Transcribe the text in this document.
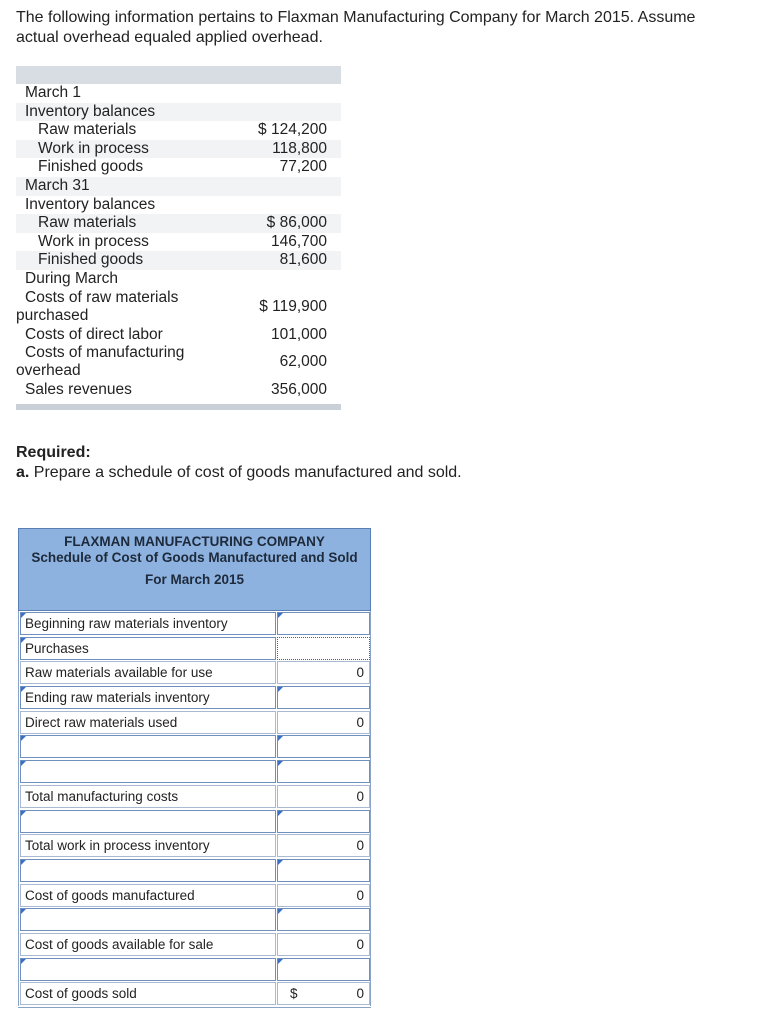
The following information pertains to Flaxman Manufacturing Company for March 2015. Assume actual overhead equaled applied overhead.
March 1
Inventory balances
Raw materials	$ 124,200
Work in process	118,800
Finished goods	77,200
March 31
Inventory balances
Raw materials	$ 86,000
Work in process	146,700
Finished goods	81,600
During March
Costs of raw materials
purchased
$ 119,900
Costs of direct labor	101,000
Costs of manufacturing
overhead
62,000
Sales revenues	356,000
Required:
a. Prepare a schedule of cost of goods manufactured and sold.
FLAXMAN MANUFACTURING COMPANY
Schedule of Cost of Goods Manufactured and Sold
For March 2015
Beginning raw materials inventory
Purchases
Raw materials available for use	0
Ending raw materials inventory
Direct raw materials used	0
Total manufacturing costs	0
Total work in process inventory	0
Cost of goods manufactured	0
Cost of goods available for sale	0
Cost of goods sold	$	0
